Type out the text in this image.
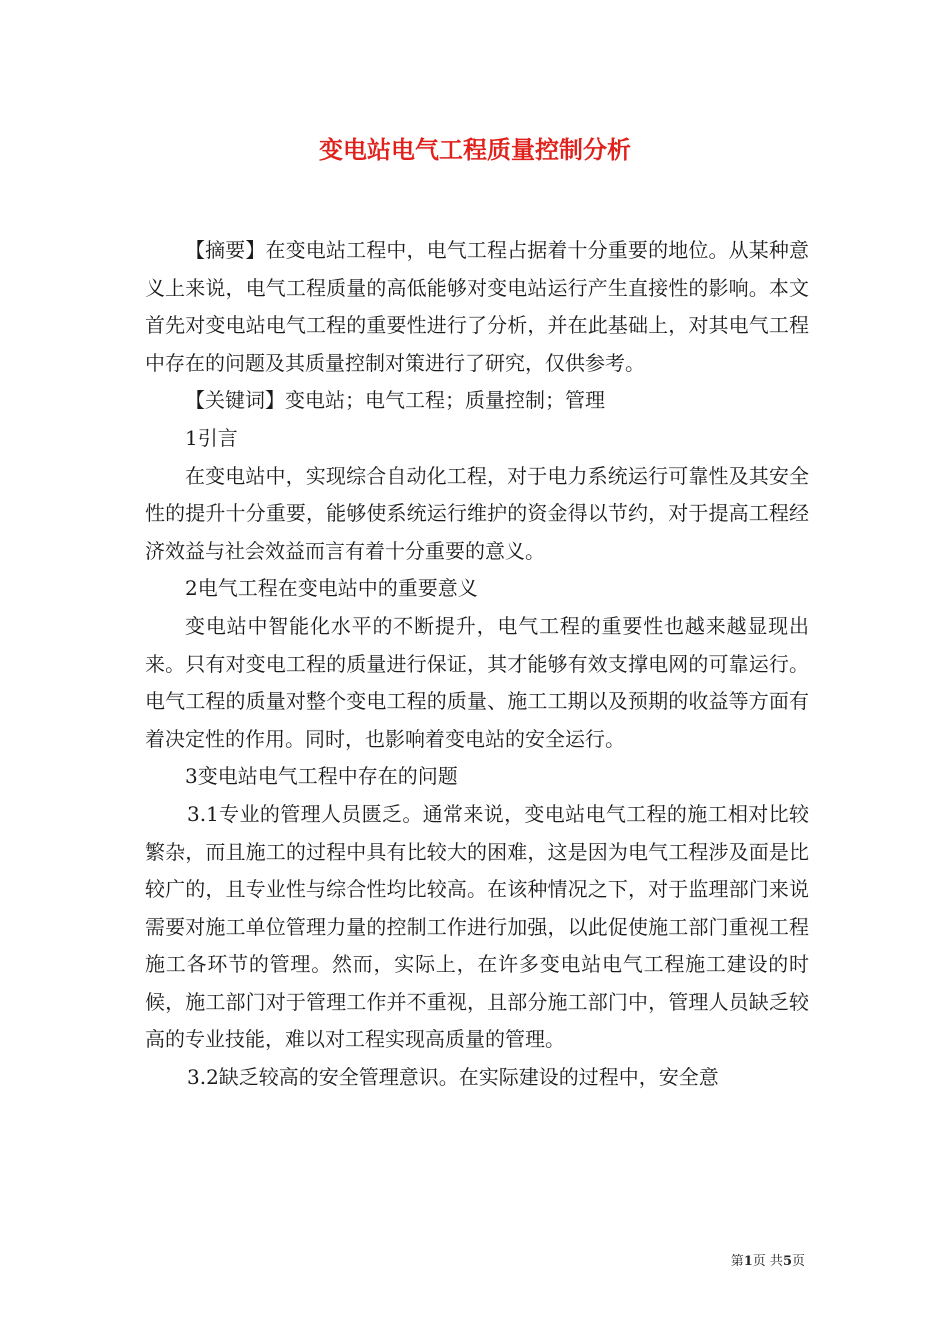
变电站电气工程质量控制分析

【摘要】在变电站工程中，电气工程占据着十分重要的地位。从某种意义上来说，电气工程质量的高低能够对变电站运行产生直接性的影响。本文首先对变电站电气工程的重要性进行了分析，并在此基础上，对其电气工程中存在的问题及其质量控制对策进行了研究，仅供参考。

【关键词】变电站；电气工程；质量控制；管理

1引言

在变电站中，实现综合自动化工程，对于电力系统运行可靠性及其安全性的提升十分重要，能够使系统运行维护的资金得以节约，对于提高工程经济效益与社会效益而言有着十分重要的意义。

2电气工程在变电站中的重要意义

变电站中智能化水平的不断提升，电气工程的重要性也越来越显现出来。只有对变电工程的质量进行保证，其才能够有效支撑电网的可靠运行。电气工程的质量对整个变电工程的质量、施工工期以及预期的收益等方面有着决定性的作用。同时，也影响着变电站的安全运行。

3变电站电气工程中存在的问题

3.1专业的管理人员匮乏。通常来说，变电站电气工程的施工相对比较繁杂，而且施工的过程中具有比较大的困难，这是因为电气工程涉及面是比较广的，且专业性与综合性均比较高。在该种情况之下，对于监理部门来说需要对施工单位管理力量的控制工作进行加强，以此促使施工部门重视工程施工各环节的管理。然而，实际上，在许多变电站电气工程施工建设的时候，施工部门对于管理工作并不重视，且部分施工部门中，管理人员缺乏较高的专业技能，难以对工程实现高质量的管理。

3.2缺乏较高的安全管理意识。在实际建设的过程中，安全意

第1页 共5页
